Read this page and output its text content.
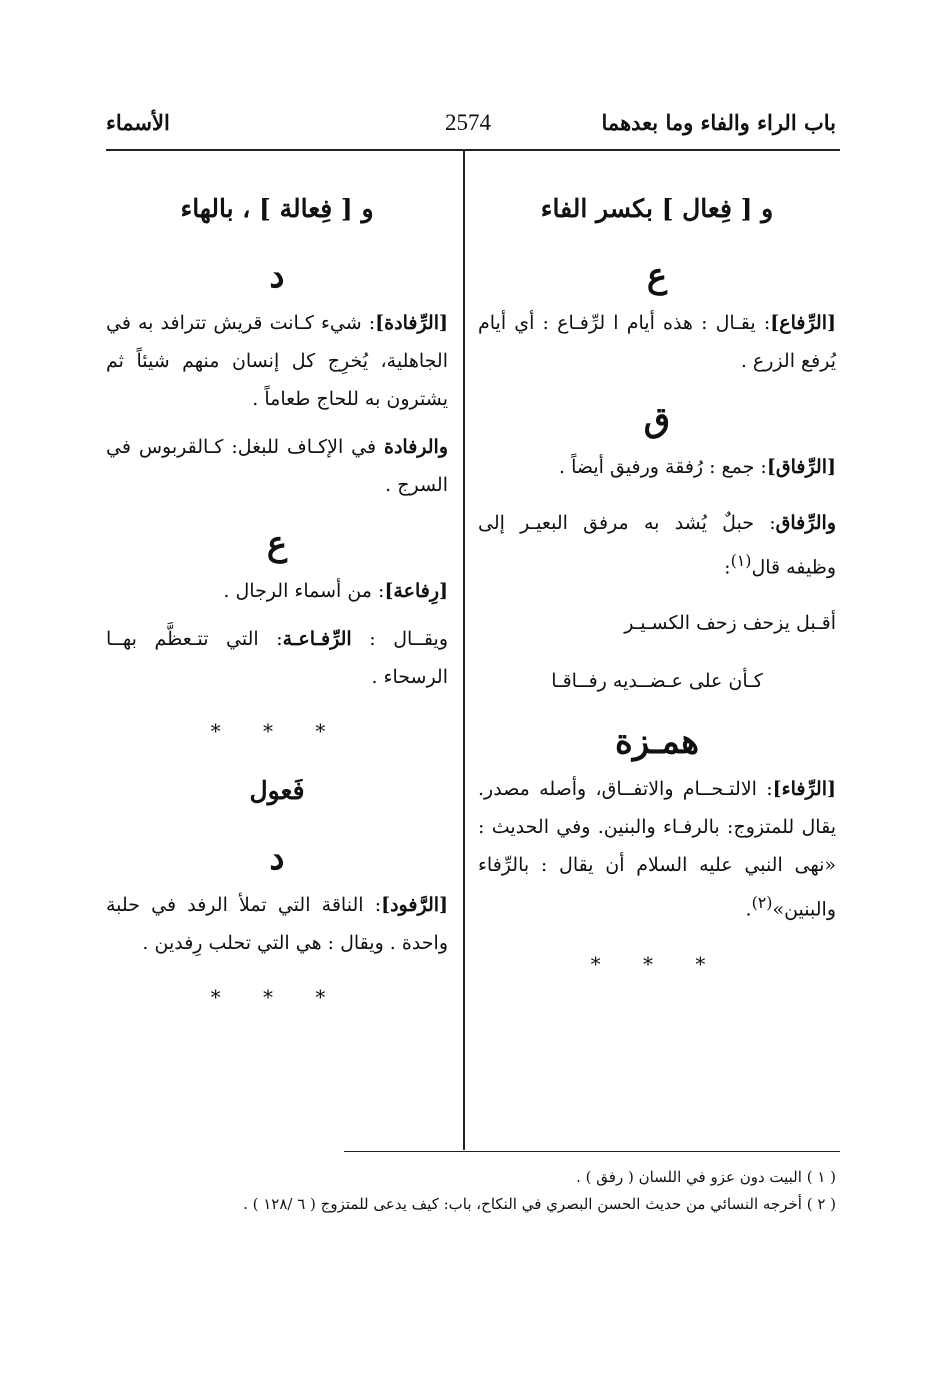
باب الراء والفاء وما بعدهما
2574
الأسماء
و [ فِعال ] بكسر الفاء
ع

[الرِّفاع]: يقـال : هذه أيام ا لرِّفـاع : أي أيام يُرفع الزرع .

ق

[الرِّفاق]: جمع : رُفقة ورفيق أيضاً .

والرِّفاق: حبلٌ يُشد به مرفق البعيـر إلى وظيفه قال$^{(١)}$:

أقـبل يزحف زحف الكسـيـر

كـأن على عـضــديه رفــاقـا

همـزة

[الرِّفاء]: الالتـحــام والاتفــاق، وأصله مصدر. يقال للمتزوج: بالرفـاء والبنين. وفي الحديث : «نهى النبي عليه السلام أن يقال : بالرِّفاء والبنين»$^{(٢)}$.

* * *
و [ فِعالة ] ، بالهاء
د

[الرِّفادة]: شيء كـانت قريش تترافد به في الجاهلية، يُخرِج كل إنسان منهم شيئاً ثم يشترون به للحاج طعاماً .

والرفادة في الإكـاف للبغل: كـالقربوس في السرج .

ع

[رِفاعة]: من أسماء الرجال .

ويقــال : الرِّفـاعـة: التي تتـعظَّم بهــا الرسحاء .

* * *
فَعول
د

[الرَّفود]: الناقة التي تملأ الرفد في حلبة واحدة . ويقال : هي التي تحلب رِفدين .

* * *

( ١ ) البيت دون عزو في اللسان ( رفق ) .

( ٢ ) أخرجه النسائي من حديث الحسن البصري في النكاح، باب: كيف يدعى للمتزوج ( ٦ /١٢٨ ) .
